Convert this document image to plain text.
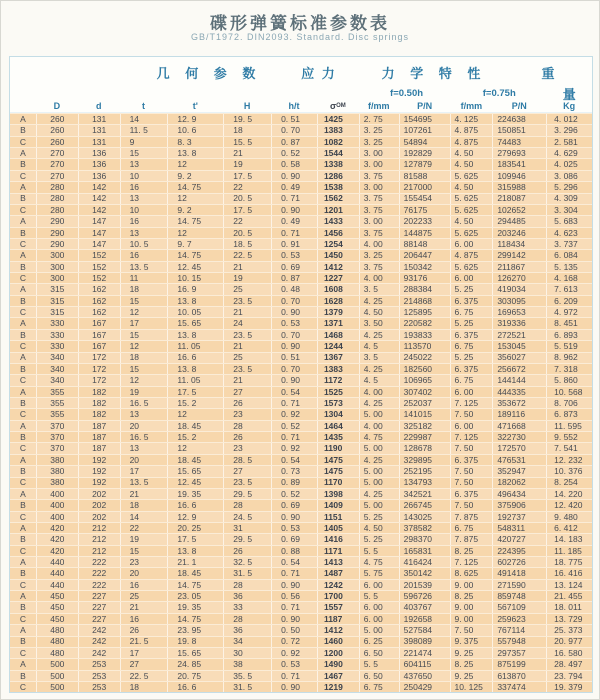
碟形弹簧标准参数表
GB/T1972. DIN2093. Standard. Disc springs
几 何 参 数	应 力	力 学 特 性	重
f=0.50h	f=0.75h	量
D	d	t	t'	H	h/t	σ OM	f/mm	P/N	f/mm	P/N	Kg
A	260	131	14	12. 9	19. 5	0. 51	1425	2. 75	154695	4. 125	224638	4. 012
B	260	131	11. 5	10. 6	18	0. 70	1383	3. 25	107261	4. 875	150851	3. 296
C	260	131	9	8. 3	15. 5	0. 87	1082	3. 25	54894	4. 875	74483	2. 581
A	270	136	15	13. 8	21	0. 52	1544	3. 00	192829	4. 50	279693	4. 629
B	270	136	13	12	19	0. 58	1338	3. 00	127879	4. 50	183541	4. 025
C	270	136	10	9. 2	17. 5	0. 90	1286	3. 75	81588	5. 625	109946	3. 086
A	280	142	16	14. 75	22	0. 49	1538	3. 00	217000	4. 50	315988	5. 296
B	280	142	13	12	20. 5	0. 71	1562	3. 75	155454	5. 625	218087	4. 309
C	280	142	10	9. 2	17. 5	0. 90	1201	3. 75	76175	5. 625	102652	3. 304
A	290	147	16	14. 75	22	0. 49	1433	3. 00	202233	4. 50	294485	5. 683
B	290	147	13	12	20. 5	0. 71	1456	3. 75	144875	5. 625	203246	4. 623
C	290	147	10. 5	9. 7	18. 5	0. 91	1254	4. 00	88148	6. 00	118434	3. 737
A	300	152	16	14. 75	22. 5	0. 53	1450	3. 25	206447	4. 875	299142	6. 084
B	300	152	13. 5	12. 45	21	0. 69	1412	3. 75	150342	5. 625	211867	5. 135
C	300	152	11	10. 15	19	0. 87	1227	4. 00	93176	6. 00	126270	4. 168
A	315	162	18	16. 9	25	0. 48	1608	3. 5	288384	5. 25	419034	7. 613
B	315	162	15	13. 8	23. 5	0. 70	1628	4. 25	214868	6. 375	303095	6. 209
C	315	162	12	10. 05	21	0. 90	1379	4. 50	125895	6. 75	169653	4. 972
A	330	167	17	15. 65	24	0. 53	1371	3. 50	220582	5. 25	319336	8. 451
B	330	167	15	13. 8	23. 5	0. 70	1468	4. 25	193833	6. 375	272521	6. 893
C	330	167	12	11. 05	21	0. 90	1244	4. 5	113570	6. 75	153045	5. 519
A	340	172	18	16. 6	25	0. 51	1367	3. 5	245022	5. 25	356027	8. 962
B	340	172	15	13. 8	23. 5	0. 70	1383	4. 25	182560	6. 375	256672	7. 318
C	340	172	12	11. 05	21	0. 90	1172	4. 5	106965	6. 75	144144	5. 860
A	355	182	19	17. 5	27	0. 54	1525	4. 00	307402	6. 00	444335	10. 568
B	355	182	16. 5	15. 2	26	0. 71	1573	4. 25	252037	7. 125	353672	8. 706
C	355	182	13	12	23	0. 92	1304	5. 00	141015	7. 50	189116	6. 873
A	370	187	20	18. 45	28	0. 52	1464	4. 00	325182	6. 00	471668	11. 595
B	370	187	16. 5	15. 2	26	0. 71	1435	4. 75	229987	7. 125	322730	9. 552
C	370	187	13	12	23	0. 92	1190	5. 00	128678	7. 50	172570	7. 541
A	380	192	20	18. 45	28. 5	0. 54	1475	4. 25	329895	6. 375	476531	12. 232
B	380	192	17	15. 65	27	0. 73	1475	5. 00	252195	7. 50	352947	10. 376
C	380	192	13. 5	12. 45	23. 5	0. 89	1170	5. 00	134793	7. 50	182062	8. 254
A	400	202	21	19. 35	29. 5	0. 52	1398	4. 25	342521	6. 375	496434	14. 220
B	400	202	18	16. 6	28	0. 69	1409	5. 00	266745	7. 50	375906	12. 420
C	400	202	14	12. 9	24. 5	0. 90	1151	5. 25	143025	7. 875	192737	9. 480
A	420	212	22	20. 25	31	0. 53	1405	4. 50	378582	6. 75	548311	6. 412
B	420	212	19	17. 5	29. 5	0. 69	1416	5. 25	298370	7. 875	420727	14. 183
C	420	212	15	13. 8	26	0. 88	1171	5. 5	165831	8. 25	224395	11. 185
A	440	222	23	21. 1	32. 5	0. 54	1413	4. 75	416424	7. 125	602726	18. 775
B	440	222	20	18. 45	31. 5	0. 71	1487	5. 75	350142	8. 625	491418	16. 416
C	440	222	16	14. 75	28	0. 90	1242	6. 00	201539	9. 00	271590	13. 124
A	450	227	25	23. 05	36	0. 56	1700	5. 5	596726	8. 25	859748	21. 455
B	450	227	21	19. 35	33	0. 71	1557	6. 00	403767	9. 00	567109	18. 011
C	450	227	16	14. 75	28	0. 90	1187	6. 00	192658	9. 00	259623	13. 729
A	480	242	26	23. 95	36	0. 50	1412	5. 00	527584	7. 50	767114	25. 373
B	480	242	21. 5	19. 8	34	0. 72	1460	6. 25	398089	9. 375	557948	20. 977
C	480	242	17	15. 65	30	0. 92	1200	6. 50	221474	9. 25	297357	16. 580
A	500	253	27	24. 85	38	0. 53	1490	5. 5	604115	8. 25	875199	28. 497
B	500	253	22. 5	20. 75	35. 5	0. 71	1467	6. 50	437650	9. 25	613870	23. 794
C	500	253	18	16. 6	31. 5	0. 90	1219	6. 75	250429	10. 125	337474	19. 379
